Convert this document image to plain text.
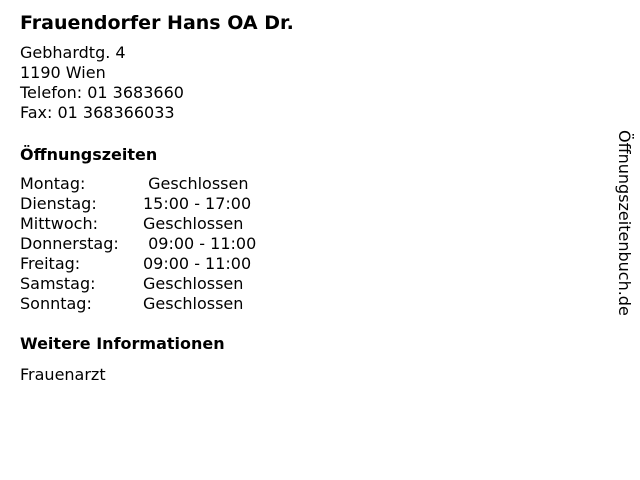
Frauendorfer Hans OA Dr.
Gebhardtg. 4
1190 Wien
Telefon: 01 3683660
Fax: 01 368366033
Öffnungszeiten
Montag:	Geschlossen
Dienstag:	15:00 - 17:00
Mittwoch:	Geschlossen
Donnerstag:	09:00 - 11:00
Freitag:	09:00 - 11:00
Samstag:	Geschlossen
Sonntag:	Geschlossen
Weitere Informationen
Frauenarzt
Öffnungszeitenbuch.de
